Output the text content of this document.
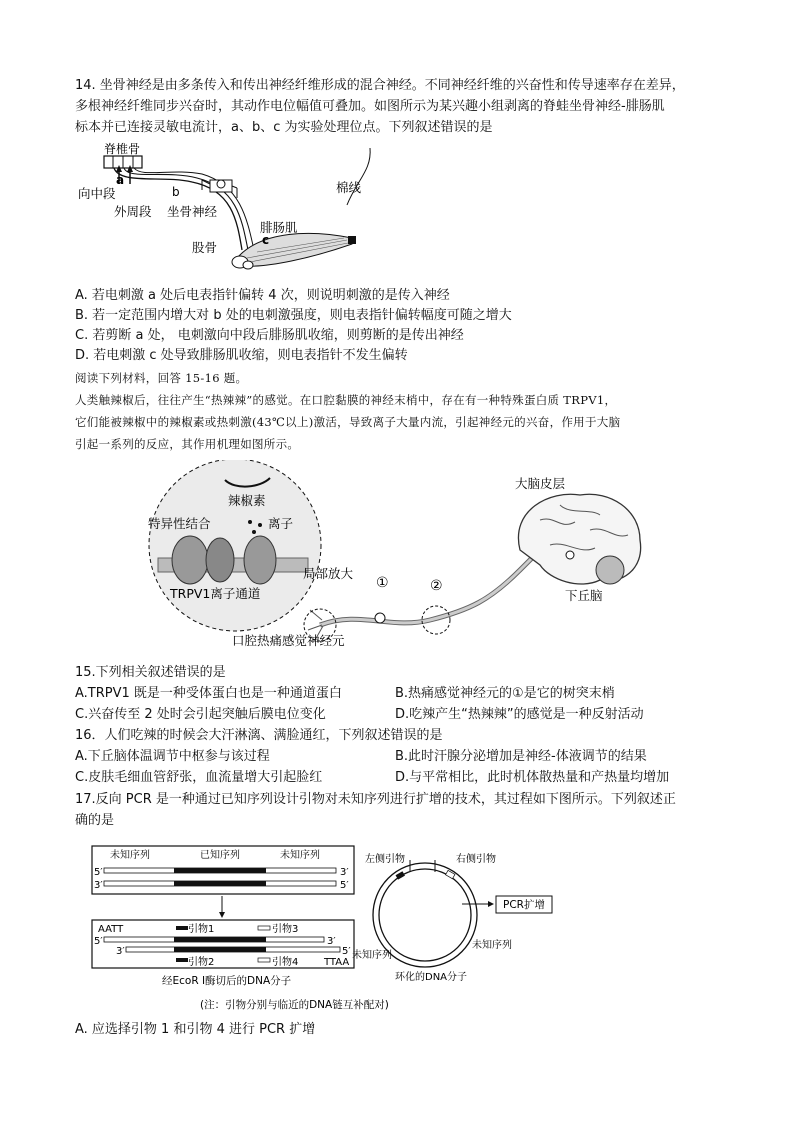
14. 坐骨神经是由多条传入和传出神经纤维形成的混合神经。不同神经纤维的兴奋性和传导速率存在差异，
多根神经纤维同步兴奋时，其动作电位幅值可叠加。如图所示为某兴趣小组剥离的脊蛙坐骨神经-腓肠肌
标本并已连接灵敏电流计，a、b、c 为实验处理位点。下列叙述错误的是
脊椎骨
a
b
向中段
外周段 坐骨神经
棉线
腓肠肌
c
股骨
A. 若电刺激 a 处后电表指针偏转 4 次，则说明刺激的是传入神经
B. 若一定范围内增大对 b 处的电刺激强度，则电表指针偏转幅度可随之增大
C. 若剪断 a 处， 电刺激向中段后腓肠肌收缩，则剪断的是传出神经
D. 若电刺激 c 处导致腓肠肌收缩，则电表指针不发生偏转
阅读下列材料，回答 15-16 题。
人类触辣椒后，往往产生“热辣辣”的感觉。在口腔黏膜的神经末梢中，存在有一种特殊蛋白质 TRPV1，
它们能被辣椒中的辣椒素或热刺激(43℃以上)激活，导致离子大量内流，引起神经元的兴奋，作用于大脑
引起一系列的反应，其作用机理如图所示。
辣椒素
特异性结合	离子
TRPV1离子通道
局部放大
①	②
口腔热痛感觉神经元
大脑皮层
下丘脑
15.下列相关叙述错误的是
A.TRPV1 既是一种受体蛋白也是一种通道蛋白	B.热痛感觉神经元的①是它的树突末梢
C.兴奋传至 2 处时会引起突触后膜电位变化	D.吃辣产生“热辣辣”的感觉是一种反射活动
16．人们吃辣的时候会大汗淋漓、满脸通红，下列叙述错误的是
A.下丘脑体温调节中枢参与该过程	B.此时汗腺分泌增加是神经-体液调节的结果
C.皮肤毛细血管舒张，血流量增大引起脸红	D.与平常相比，此时机体散热量和产热量均增加
17.反向 PCR 是一种通过已知序列设计引物对未知序列进行扩增的技术，其过程如下图所示。下列叙述正
确的是
未知序列	已知序列	未知序列
5′	3′
3′	5′
AATT	引物1	引物3
5′	3′
3′	5′
引物2	引物4	TTAA
经EcoR Ⅰ酶切后的DNA分子
左侧引物	右侧引物
PCR扩增
未知序列
未知序列
环化的DNA分子
(注：引物分别与临近的DNA链互补配对)
A. 应选择引物 1 和引物 4 进行 PCR 扩增
